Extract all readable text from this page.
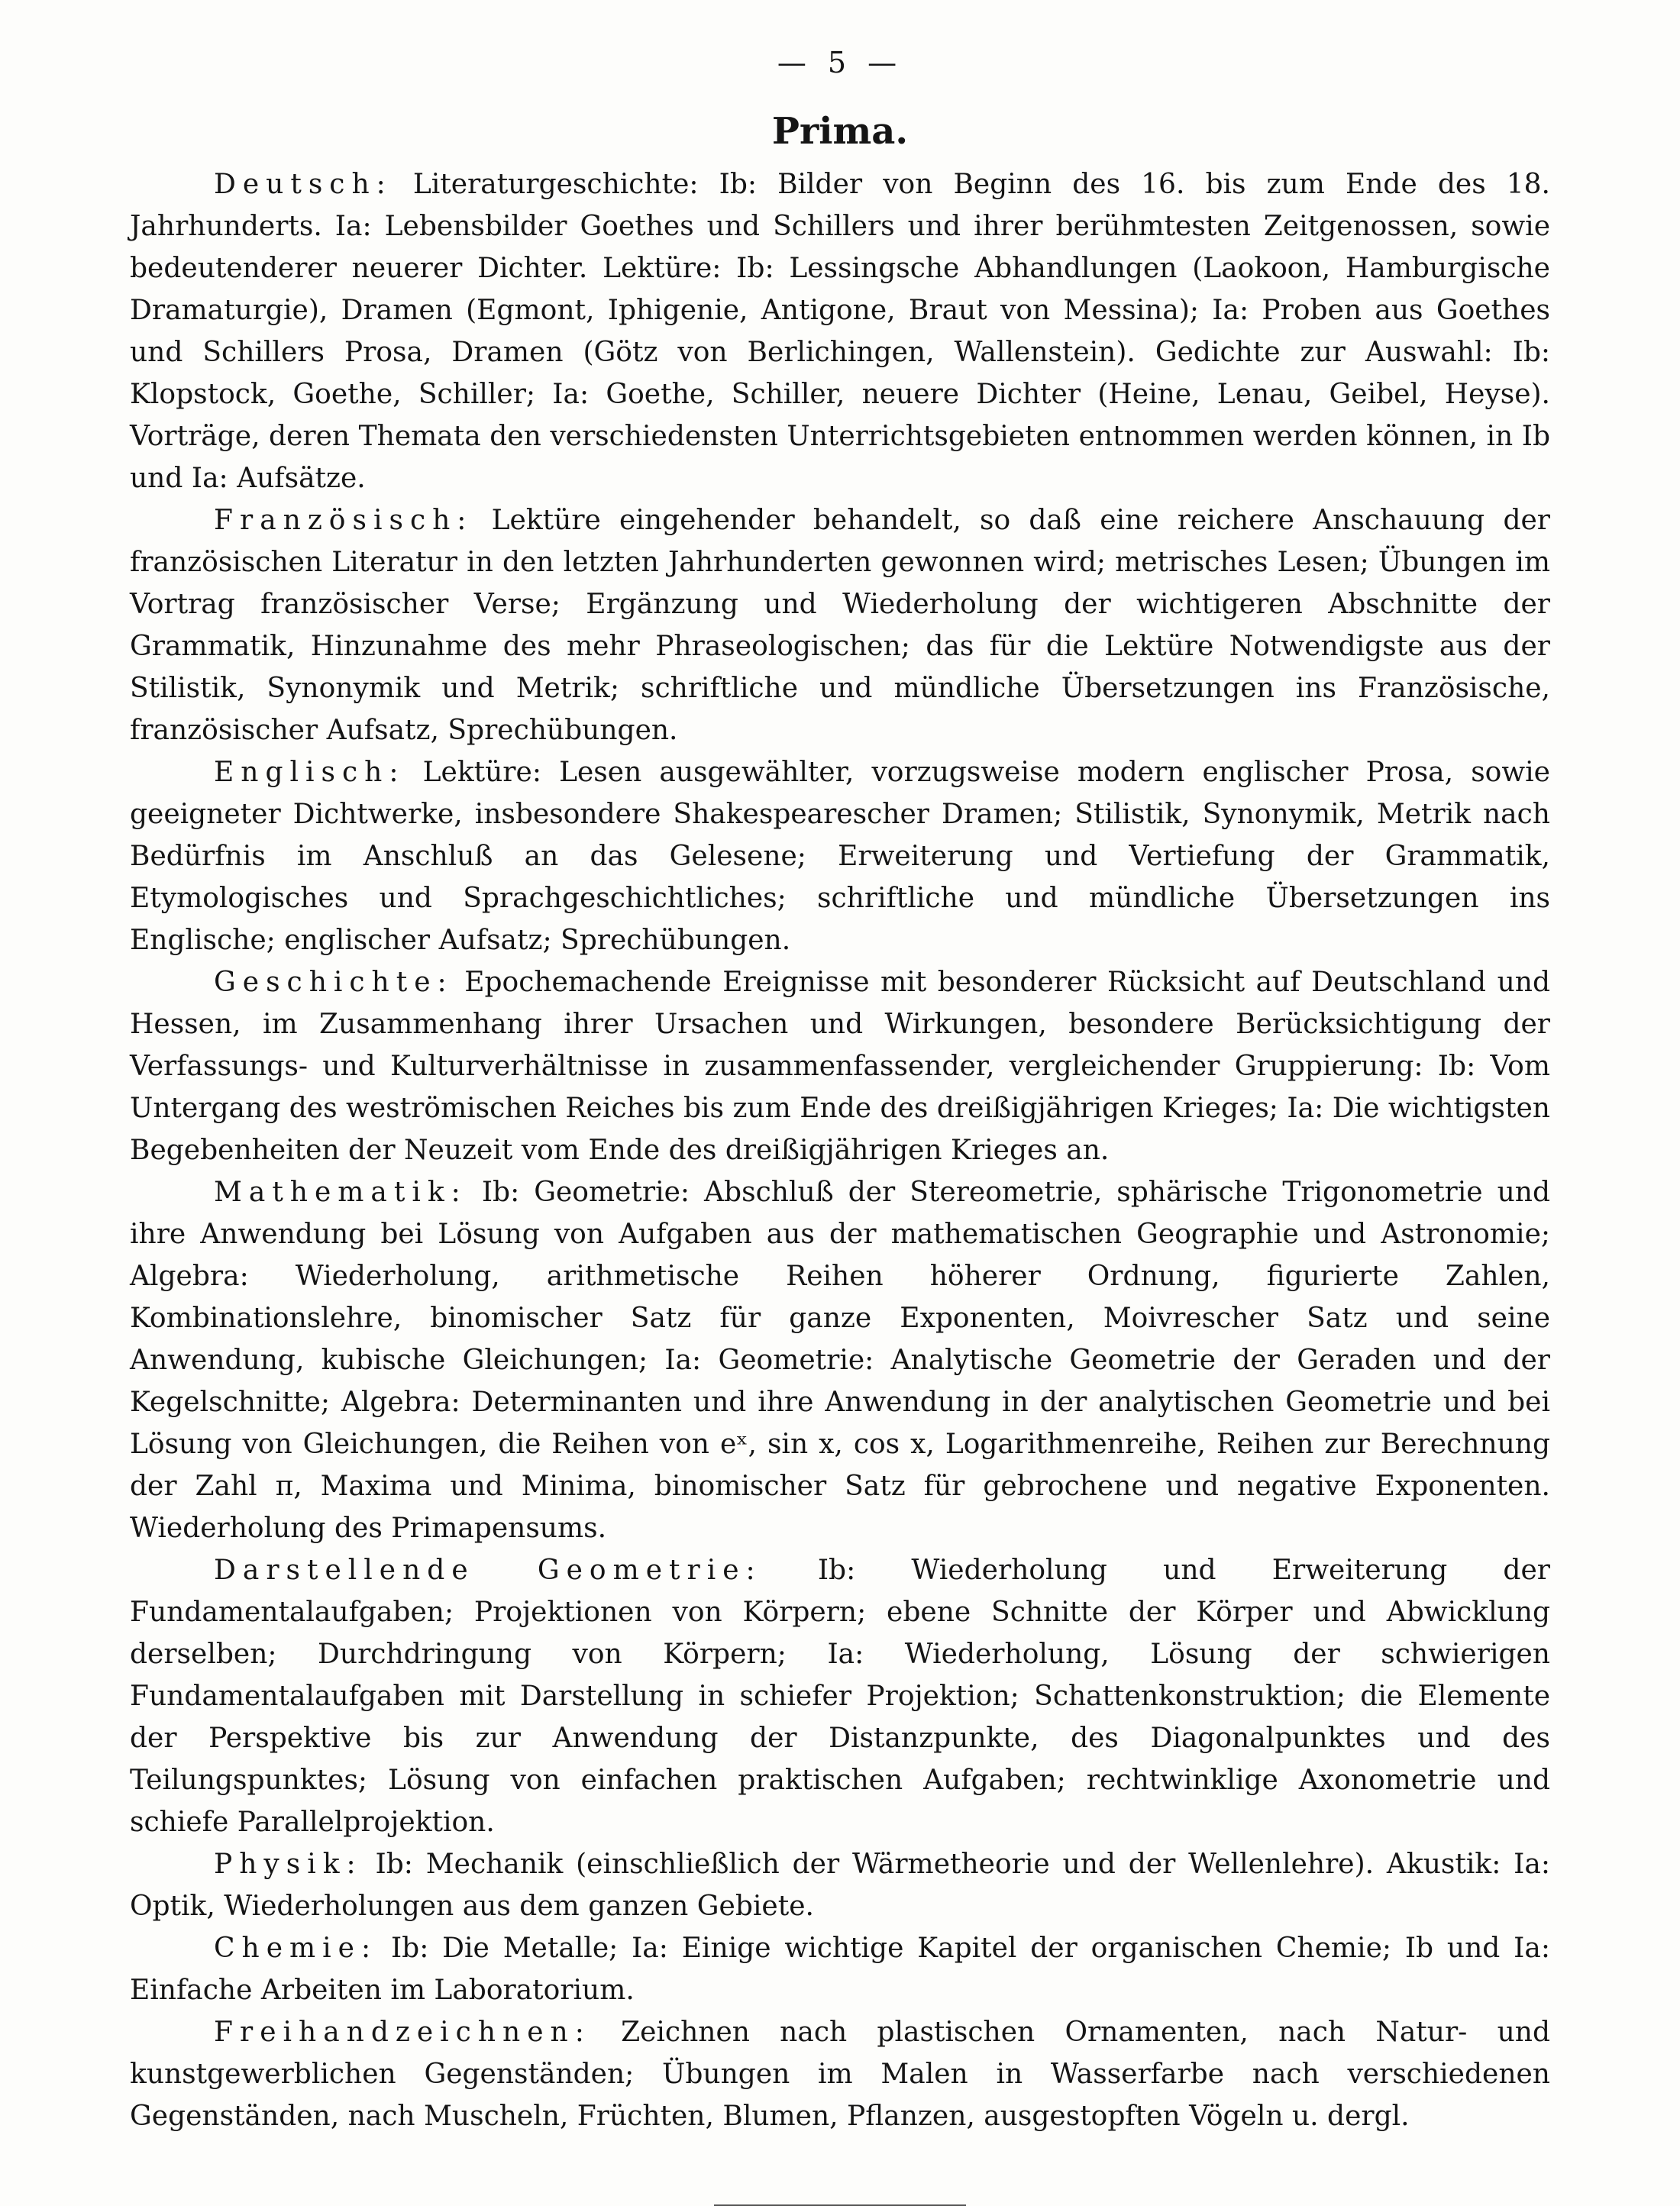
— 5 —
Prima.

Deutsch: Literaturgeschichte: Ib: Bilder von Beginn des 16. bis zum Ende des 18. Jahrhunderts. Ia: Lebensbilder Goethes und Schillers und ihrer berühmtesten Zeitgenossen, sowie bedeutenderer neuerer Dichter. Lektüre: Ib: Lessingsche Abhandlungen (Laokoon, Hamburgische Dramaturgie), Dramen (Egmont, Iphigenie, Antigone, Braut von Messina); Ia: Proben aus Goethes und Schillers Prosa, Dramen (Götz von Berlichingen, Wallenstein). Gedichte zur Auswahl: Ib: Klopstock, Goethe, Schiller; Ia: Goethe, Schiller, neuere Dichter (Heine, Lenau, Geibel, Heyse). Vorträge, deren Themata den verschiedensten Unterrichtsgebieten entnommen werden können, in Ib und Ia: Aufsätze.

Französisch: Lektüre eingehender behandelt, so daß eine reichere Anschauung der französischen Literatur in den letzten Jahrhunderten gewonnen wird; metrisches Lesen; Übungen im Vortrag französischer Verse; Ergänzung und Wiederholung der wichtigeren Abschnitte der Grammatik, Hinzunahme des mehr Phraseologischen; das für die Lektüre Notwendigste aus der Stilistik, Synonymik und Metrik; schriftliche und mündliche Übersetzungen ins Französische, französischer Aufsatz, Sprechübungen.

Englisch: Lektüre: Lesen ausgewählter, vorzugsweise modern englischer Prosa, sowie geeigneter Dichtwerke, insbesondere Shakespearescher Dramen; Stilistik, Synonymik, Metrik nach Bedürfnis im Anschluß an das Gelesene; Erweiterung und Vertiefung der Grammatik, Etymologisches und Sprachgeschichtliches; schriftliche und mündliche Übersetzungen ins Englische; englischer Aufsatz; Sprechübungen.

Geschichte: Epochemachende Ereignisse mit besonderer Rücksicht auf Deutschland und Hessen, im Zusammenhang ihrer Ursachen und Wirkungen, besondere Berücksichtigung der Verfassungs- und Kulturverhältnisse in zusammenfassender, vergleichender Gruppierung: Ib: Vom Untergang des weströmischen Reiches bis zum Ende des dreißigjährigen Krieges; Ia: Die wichtigsten Begebenheiten der Neuzeit vom Ende des dreißigjährigen Krieges an.

Mathematik: Ib: Geometrie: Abschluß der Stereometrie, sphärische Trigonometrie und ihre Anwendung bei Lösung von Aufgaben aus der mathematischen Geographie und Astronomie; Algebra: Wiederholung, arithmetische Reihen höherer Ordnung, figurierte Zahlen, Kombinationslehre, binomischer Satz für ganze Exponenten, Moivrescher Satz und seine Anwendung, kubische Gleichungen; Ia: Geometrie: Analytische Geometrie der Geraden und der Kegelschnitte; Algebra: Determinanten und ihre Anwendung in der analytischen Geometrie und bei Lösung von Gleichungen, die Reihen von eˣ, sin x, cos x, Logarithmenreihe, Reihen zur Berechnung der Zahl π, Maxima und Minima, binomischer Satz für gebrochene und negative Exponenten. Wiederholung des Primapensums.

Darstellende Geometrie: Ib: Wiederholung und Erweiterung der Fundamentalaufgaben; Projektionen von Körpern; ebene Schnitte der Körper und Abwicklung derselben; Durchdringung von Körpern; Ia: Wiederholung, Lösung der schwierigen Fundamentalaufgaben mit Darstellung in schiefer Projektion; Schattenkonstruktion; die Elemente der Perspektive bis zur Anwendung der Distanzpunkte, des Diagonalpunktes und des Teilungspunktes; Lösung von einfachen praktischen Aufgaben; rechtwinklige Axonometrie und schiefe Parallelprojektion.

Physik: Ib: Mechanik (einschließlich der Wärmetheorie und der Wellenlehre). Akustik: Ia: Optik, Wiederholungen aus dem ganzen Gebiete.

Chemie: Ib: Die Metalle; Ia: Einige wichtige Kapitel der organischen Chemie; Ib und Ia: Einfache Arbeiten im Laboratorium.

Freihandzeichnen: Zeichnen nach plastischen Ornamenten, nach Natur- und kunstgewerblichen Gegenständen; Übungen im Malen in Wasserfarbe nach verschiedenen Gegenständen, nach Muscheln, Früchten, Blumen, Pflanzen, ausgestopften Vögeln u. dergl.
